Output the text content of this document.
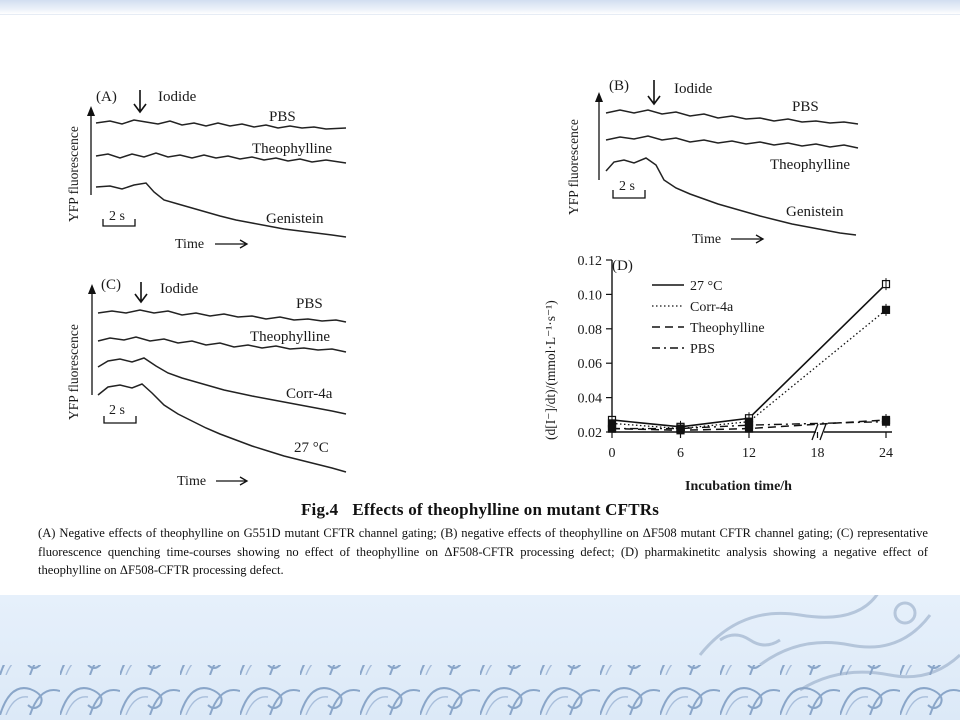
(A)	Iodide
YFP fluorescence
PBS
Theophylline
Genistein
2 s
Time
(B)	Iodide
YFP fluorescence
PBS
Theophylline
Genistein
2 s
Time
(C)	Iodide
YFP fluorescence
PBS
Theophylline
Corr-4a
27 °C
2 s
Time
(D)
(d[I⁻]/dt)/(mmol·L⁻¹·s⁻¹)
Incubation time/h
0.02
0.04
0.06
0.08
0.10
0.12
0	6	12	18	24
27 °C
Corr-4a
Theophylline
PBS
Fig.4 Effects of theophylline on mutant CFTRs
(A) Negative effects of theophylline on G551D mutant CFTR channel gating; (B) negative effects of theophylline on ΔF508 mutant CFTR channel gating; (C) representative fluorescence quenching time-courses showing no effect of theophylline on ΔF508-CFTR processing defect; (D) pharmakinetitc analysis showing a negative effect of theophylline on ΔF508-CFTR processing defect.
